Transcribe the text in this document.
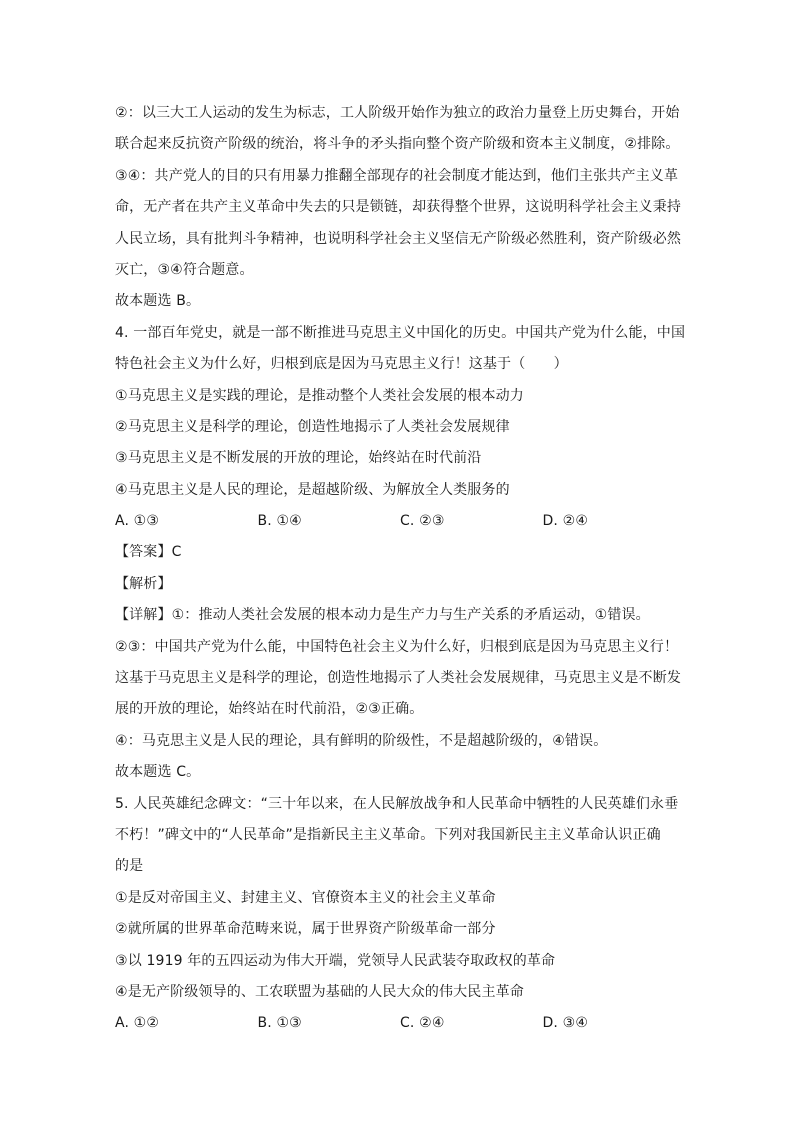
②：以三大工人运动的发生为标志，工人阶级开始作为独立的政治力量登上历史舞台，开始
联合起来反抗资产阶级的统治，将斗争的矛头指向整个资产阶级和资本主义制度，②排除。
③④：共产党人的目的只有用暴力推翻全部现存的社会制度才能达到，他们主张共产主义革
命，无产者在共产主义革命中失去的只是锁链，却获得整个世界，这说明科学社会主义秉持
人民立场，具有批判斗争精神，也说明科学社会主义坚信无产阶级必然胜利，资产阶级必然
灭亡，③④符合题意。
故本题选 B。
4. 一部百年党史，就是一部不断推进马克思主义中国化的历史。中国共产党为什么能，中国
特色社会主义为什么好，归根到底是因为马克思主义行！这基于（　　）
①马克思主义是实践的理论，是推动整个人类社会发展的根本动力
②马克思主义是科学的理论，创造性地揭示了人类社会发展规律
③马克思主义是不断发展的开放的理论，始终站在时代前沿
④马克思主义是人民的理论，是超越阶级、为解放全人类服务的
A. ①③	B. ①④	C. ②③	D. ②④
【答案】C
【解析】
【详解】①：推动人类社会发展的根本动力是生产力与生产关系的矛盾运动，①错误。
②③：中国共产党为什么能，中国特色社会主义为什么好，归根到底是因为马克思主义行！
这基于马克思主义是科学的理论，创造性地揭示了人类社会发展规律，马克思主义是不断发
展的开放的理论，始终站在时代前沿，②③正确。
④：马克思主义是人民的理论，具有鲜明的阶级性，不是超越阶级的，④错误。
故本题选 C。
5. 人民英雄纪念碑文：“三十年以来，在人民解放战争和人民革命中牺牲的人民英雄们永垂
不朽！”碑文中的“人民革命”是指新民主主义革命。下列对我国新民主主义革命认识正确
的是
①是反对帝国主义、封建主义、官僚资本主义的社会主义革命
②就所属的世界革命范畴来说，属于世界资产阶级革命一部分
③以 1919 年的五四运动为伟大开端，党领导人民武装夺取政权的革命
④是无产阶级领导的、工农联盟为基础的人民大众的伟大民主革命
A. ①②	B. ①③	C. ②④	D. ③④
